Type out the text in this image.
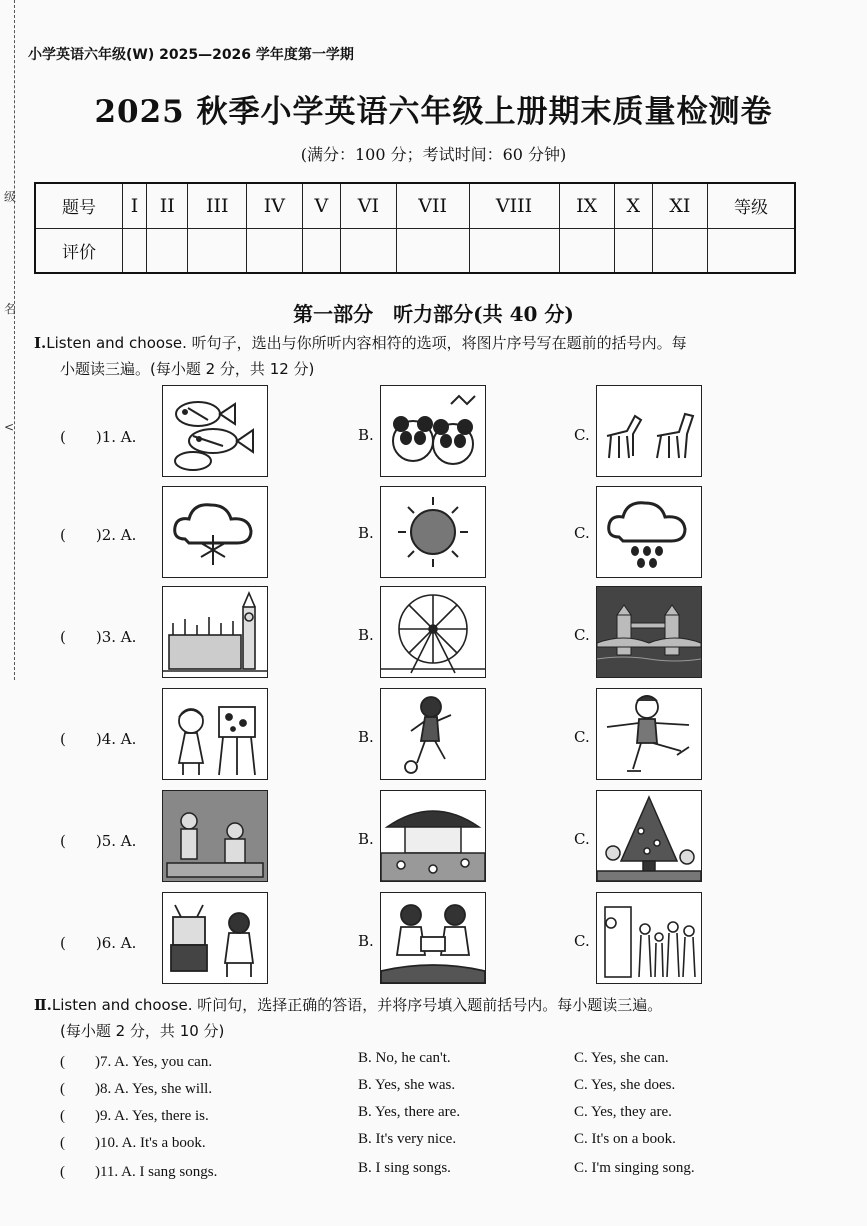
级
名
<
小学英语六年级(W) 2025—2026 学年度第一学期
2025 秋季小学英语六年级上册期末质量检测卷
(满分：100 分；考试时间：60 分钟)
题号	I	II	III	IV	V	VI	VII	VIII	IX	X	XI	等级
评价												
第一部分　听力部分(共 40 分)
Ⅰ.Listen and choose. 听句子，选出与你所听内容相符的选项，将图片序号写在题前的括号内。每
小题读三遍。(每小题 2 分，共 12 分)
(　　)1. A.	B.	C.
(　　)2. A.	B.	C.
(　　)3. A.	B.	C.
(　　)4. A.	B.	C.
(　　)5. A.	B.	C.
(　　)6. A.	B.	C.
Ⅱ.Listen and choose. 听问句，选择正确的答语，并将序号填入题前括号内。每小题读三遍。
(每小题 2 分，共 10 分)
(　　)7. A. Yes, you can.	B. No, he can't.	C. Yes, she can.
(　　)8. A. Yes, she will.	B. Yes, she was.	C. Yes, she does.
(　　)9. A. Yes, there is.	B. Yes, there are.	C. Yes, they are.
(　　)10. A. It's a book.	B. It's very nice.	C. It's on a book.
(　　)11. A. I sang songs.	B. I sing songs.	C. I'm singing song.
